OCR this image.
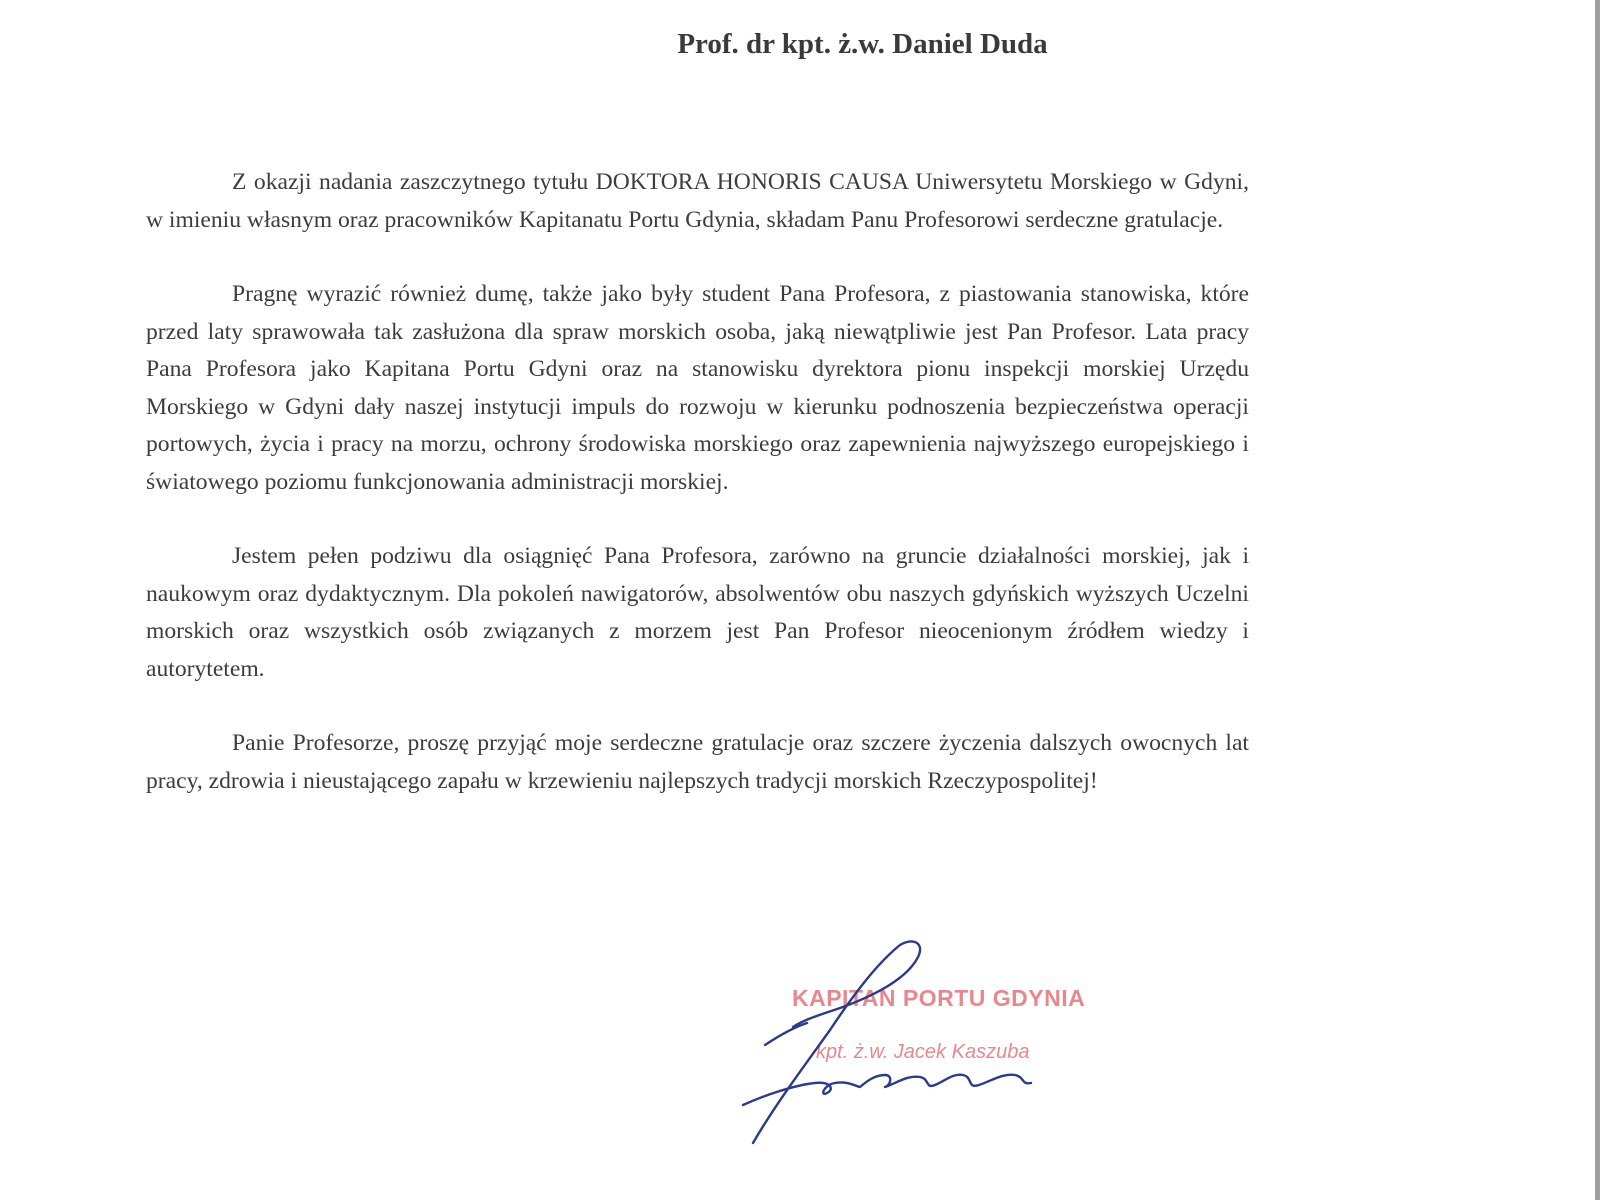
Prof. dr kpt. ż.w. Daniel Duda

Z okazji nadania zaszczytnego tytułu DOKTORA HONORIS CAUSA Uniwersytetu Morskiego w Gdyni, w imieniu własnym oraz pracowników Kapitanatu Portu Gdynia, składam Panu Profesorowi serdeczne gratulacje.

Pragnę wyrazić również dumę, także jako były student Pana Profesora, z piastowania stanowiska, które przed laty sprawowała tak zasłużona dla spraw morskich osoba, jaką niewątpliwie jest Pan Profesor. Lata pracy Pana Profesora jako Kapitana Portu Gdyni oraz na stanowisku dyrektora pionu inspekcji morskiej Urzędu Morskiego w Gdyni dały naszej instytucji impuls do rozwoju w kierunku podnoszenia bezpieczeństwa operacji portowych, życia i pracy na morzu, ochrony środowiska morskiego oraz zapewnienia najwyższego europejskiego i światowego poziomu funkcjonowania administracji morskiej.

Jestem pełen podziwu dla osiągnięć Pana Profesora, zarówno na gruncie działalności morskiej, jak i naukowym oraz dydaktycznym. Dla pokoleń nawigatorów, absolwentów obu naszych gdyńskich wyższych Uczelni morskich oraz wszystkich osób związanych z morzem jest Pan Profesor nieocenionym źródłem wiedzy i autorytetem.

Panie Profesorze, proszę przyjąć moje serdeczne gratulacje oraz szczere życzenia dalszych owocnych lat pracy, zdrowia i nieustającego zapału w krzewieniu najlepszych tradycji morskich Rzeczypospolitej!

KAPITAN PORTU GDYNIA
kpt. ż.w. Jacek Kaszuba
